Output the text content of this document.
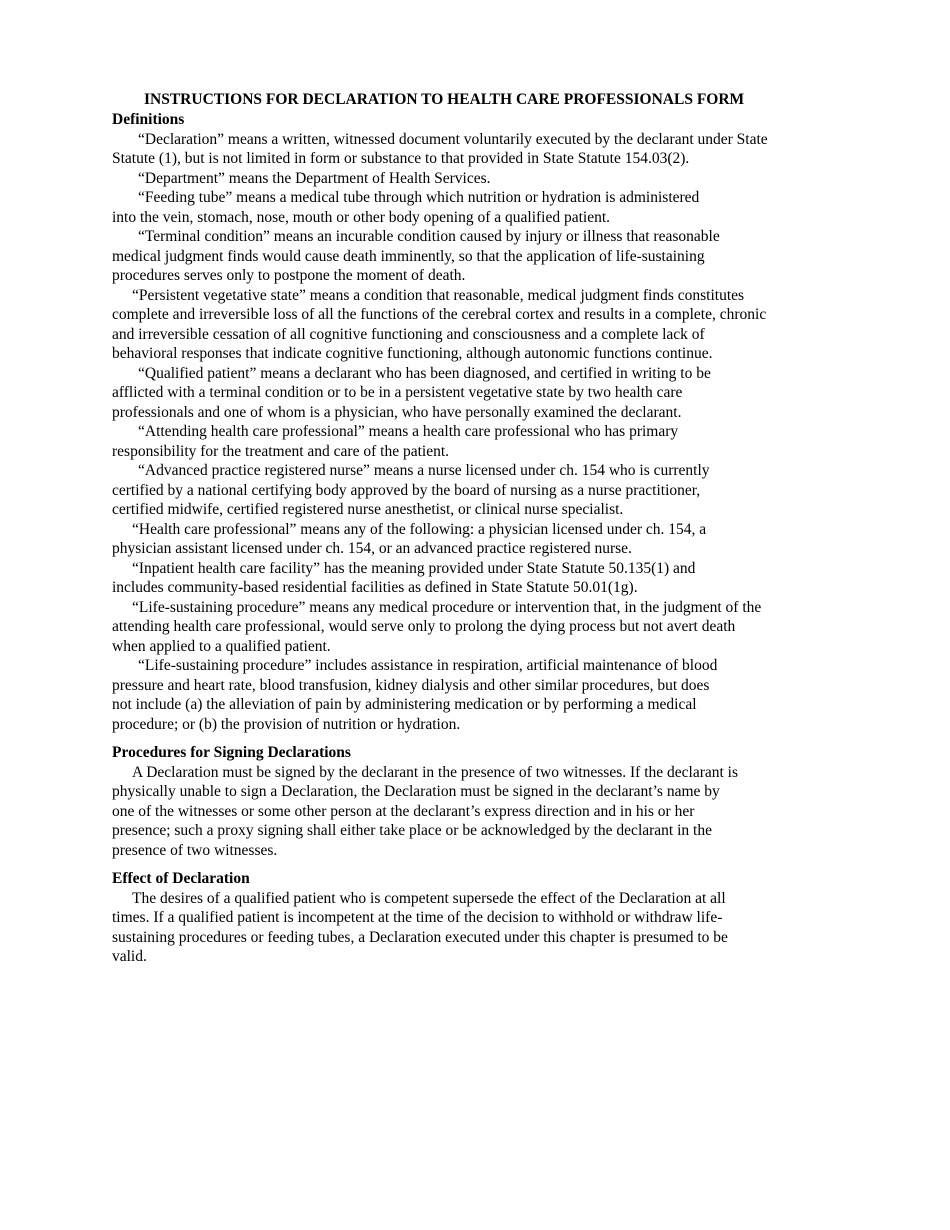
INSTRUCTIONS FOR DECLARATION TO HEALTH CARE PROFESSIONALS FORM
Definitions
“Declaration” means a written, witnessed document voluntarily executed by the declarant under State
Statute (1), but is not limited in form or substance to that provided in State Statute 154.03(2).
“Department” means the Department of Health Services.
“Feeding tube” means a medical tube through which nutrition or hydration is administered
into the vein, stomach, nose, mouth or other body opening of a qualified patient.
“Terminal condition” means an incurable condition caused by injury or illness that reasonable
medical judgment finds would cause death imminently, so that the application of life-sustaining
procedures serves only to postpone the moment of death.
“Persistent vegetative state” means a condition that reasonable, medical judgment finds constitutes
complete and irreversible loss of all the functions of the cerebral cortex and results in a complete, chronic
and irreversible cessation of all cognitive functioning and consciousness and a complete lack of
behavioral responses that indicate cognitive functioning, although autonomic functions continue.
“Qualified patient” means a declarant who has been diagnosed, and certified in writing to be
afflicted with a terminal condition or to be in a persistent vegetative state by two health care
professionals and one of whom is a physician, who have personally examined the declarant.
“Attending health care professional” means a health care professional who has primary
responsibility for the treatment and care of the patient.
“Advanced practice registered nurse” means a nurse licensed under ch. 154 who is currently
certified by a national certifying body approved by the board of nursing as a nurse practitioner,
certified midwife, certified registered nurse anesthetist, or clinical nurse specialist.
“Health care professional” means any of the following: a physician licensed under ch. 154, a
physician assistant licensed under ch. 154, or an advanced practice registered nurse.
“Inpatient health care facility” has the meaning provided under State Statute 50.135(1) and
includes community-based residential facilities as defined in State Statute 50.01(1g).
“Life-sustaining procedure” means any medical procedure or intervention that, in the judgment of the
attending health care professional, would serve only to prolong the dying process but not avert death
when applied to a qualified patient.
“Life-sustaining procedure” includes assistance in respiration, artificial maintenance of blood
pressure and heart rate, blood transfusion, kidney dialysis and other similar procedures, but does
not include (a) the alleviation of pain by administering medication or by performing a medical
procedure; or (b) the provision of nutrition or hydration.
Procedures for Signing Declarations
A Declaration must be signed by the declarant in the presence of two witnesses. If the declarant is
physically unable to sign a Declaration, the Declaration must be signed in the declarant’s name by
one of the witnesses or some other person at the declarant’s express direction and in his or her
presence; such a proxy signing shall either take place or be acknowledged by the declarant in the
presence of two witnesses.
Effect of Declaration
The desires of a qualified patient who is competent supersede the effect of the Declaration at all
times. If a qualified patient is incompetent at the time of the decision to withhold or withdraw life-
sustaining procedures or feeding tubes, a Declaration executed under this chapter is presumed to be
valid.
